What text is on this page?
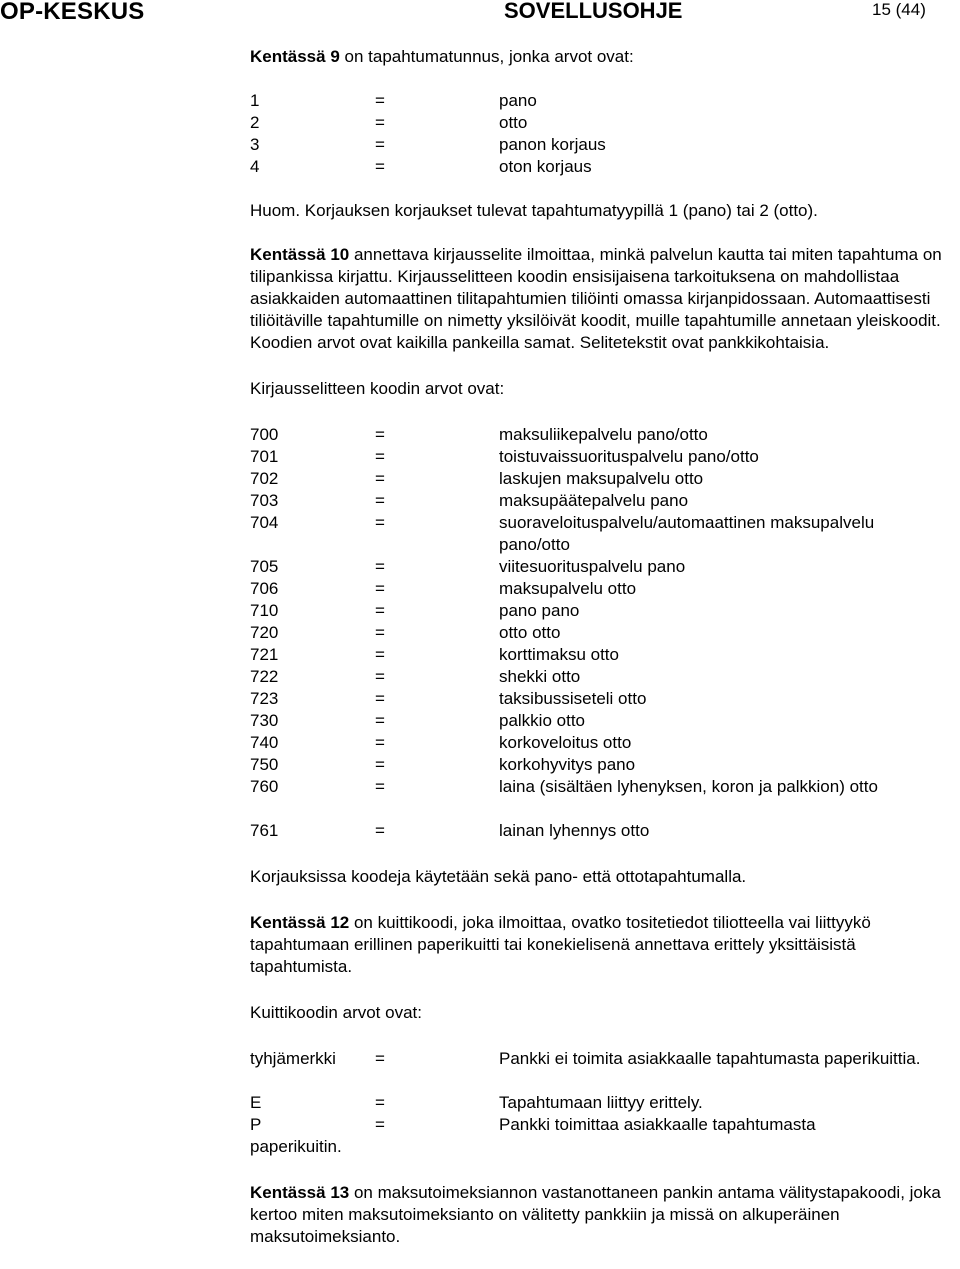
OP-KESKUS	SOVELLUSOHJE	15 (44)

Kentässä 9 on tapahtumatunnus, jonka arvot ovat:

1	=	pano
2	=	otto
3	=	panon korjaus
4	=	oton korjaus

Huom. Korjauksen korjaukset tulevat tapahtumatyypillä 1 (pano) tai 2 (otto).

Kentässä 10 annettava kirjausselite ilmoittaa, minkä palvelun kautta tai miten tapahtuma on tilipankissa kirjattu. Kirjausselitteen koodin ensisijaisena tarkoituksena on mahdollistaa asiakkaiden automaattinen tilitapahtumien tiliöinti omassa kirjanpidossaan. Automaattisesti tiliöitäville tapahtumille on nimetty yksilöivät koodit, muille tapahtumille annetaan yleiskoodit. Koodien arvot ovat kaikilla pankeilla samat. Selitetekstit ovat pankkikohtaisia.

Kirjausselitteen koodin arvot ovat:

700	=	maksuliikepalvelu pano/otto
701	=	toistuvaissuorituspalvelu pano/otto
702	=	laskujen maksupalvelu otto
703	=	maksupäätepalvelu pano
704	=	suoraveloituspalvelu/automaattinen maksupalvelu pano/otto
705	=	viitesuorituspalvelu pano
706	=	maksupalvelu otto
710	=	pano pano
720	=	otto otto
721	=	korttimaksu otto
722	=	shekki otto
723	=	taksibussiseteli otto
730	=	palkkio otto
740	=	korkoveloitus otto
750	=	korkohyvitys pano
760	=	laina (sisältäen lyhenyksen, koron ja palkkion) otto
761	=	lainan lyhennys otto

Korjauksissa koodeja käytetään sekä pano- että ottotapahtumalla.

Kentässä 12 on kuittikoodi, joka ilmoittaa, ovatko tositetiedot tiliotteella vai liittyykö tapahtumaan erillinen paperikuitti tai konekielisenä annettava erittely yksittäisistä tapahtumista.

Kuittikoodin arvot ovat:

tyhjämerkki =	Pankki ei toimita asiakkaalle tapahtumasta paperikuittia.
E	=	Tapahtumaan liittyy erittely.
P	=	Pankki toimittaa asiakkaalle tapahtumasta
paperikuitin.

Kentässä 13 on maksutoimeksiannon vastanottaneen pankin antama välitystapakoodi, joka kertoo miten maksutoimeksianto on välitetty pankkiin ja missä on alkuperäinen maksutoimeksianto.
